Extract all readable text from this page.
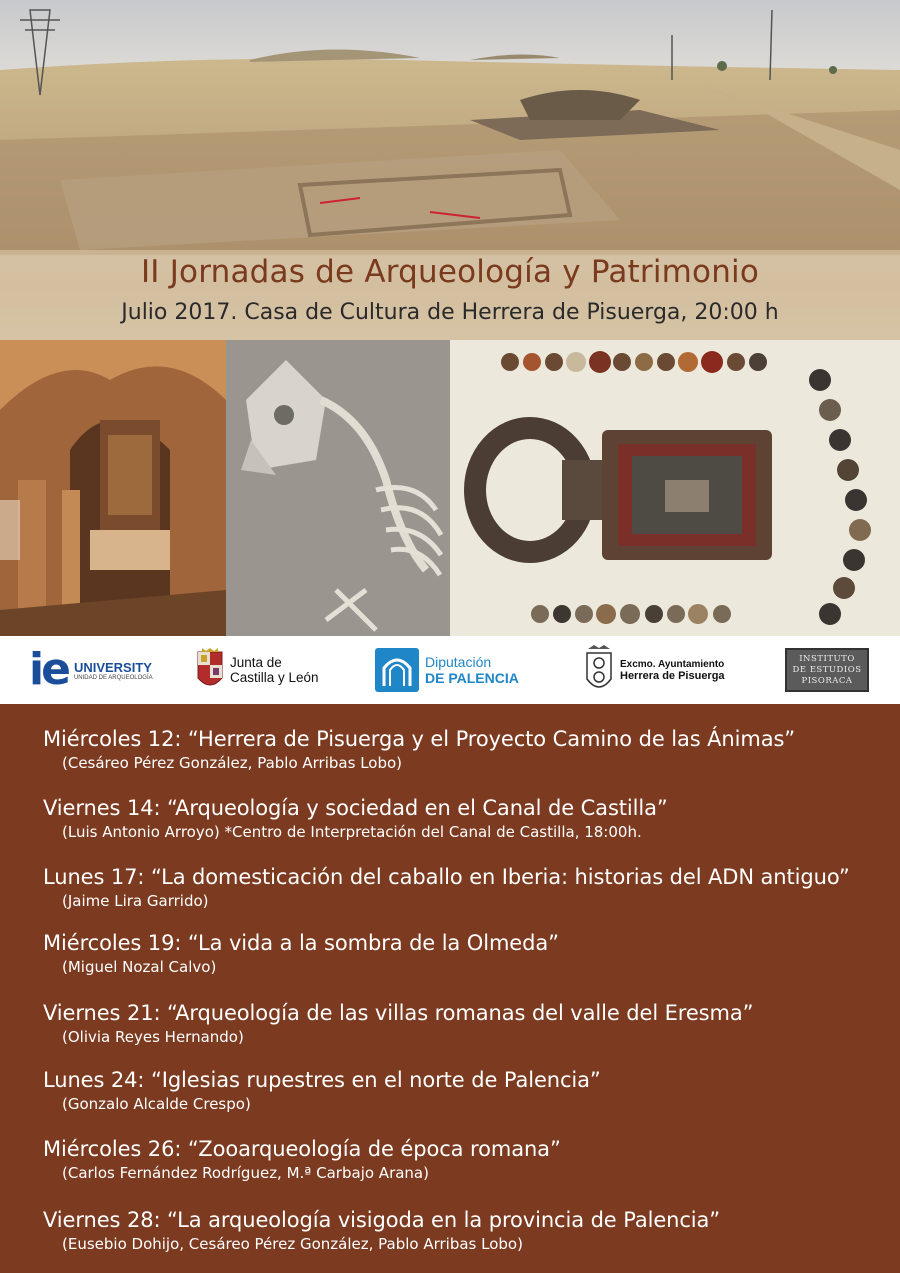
II Jornadas de Arqueología y Patrimonio
Julio 2017. Casa de Cultura de Herrera de Pisuerga, 20:00 h
ie UNIVERSITY
UNIDAD DE ARQUEOLOGÍA
Junta de
Castilla y León
Diputación
DE PALENCIA
Excmo. Ayuntamiento
Herrera de Pisuerga
INSTITUTO
DE ESTUDIOS
PISORACA
Miércoles 12: “Herrera de Pisuerga y el Proyecto Camino de las Ánimas”
(Cesáreo Pérez González, Pablo Arribas Lobo)
Viernes 14: “Arqueología y sociedad en el Canal de Castilla”
(Luis Antonio Arroyo) *Centro de Interpretación del Canal de Castilla, 18:00h.
Lunes 17: “La domesticación del caballo en Iberia: historias del ADN antiguo”
(Jaime Lira Garrido)
Miércoles 19: “La vida a la sombra de la Olmeda”
(Miguel Nozal Calvo)
Viernes 21: “Arqueología de las villas romanas del valle del Eresma”
(Olivia Reyes Hernando)
Lunes 24: “Iglesias rupestres en el norte de Palencia”
(Gonzalo Alcalde Crespo)
Miércoles 26: “Zooarqueología de época romana”
(Carlos Fernández Rodríguez, M.ª Carbajo Arana)
Viernes 28: “La arqueología visigoda en la provincia de Palencia”
(Eusebio Dohijo, Cesáreo Pérez González, Pablo Arribas Lobo)
